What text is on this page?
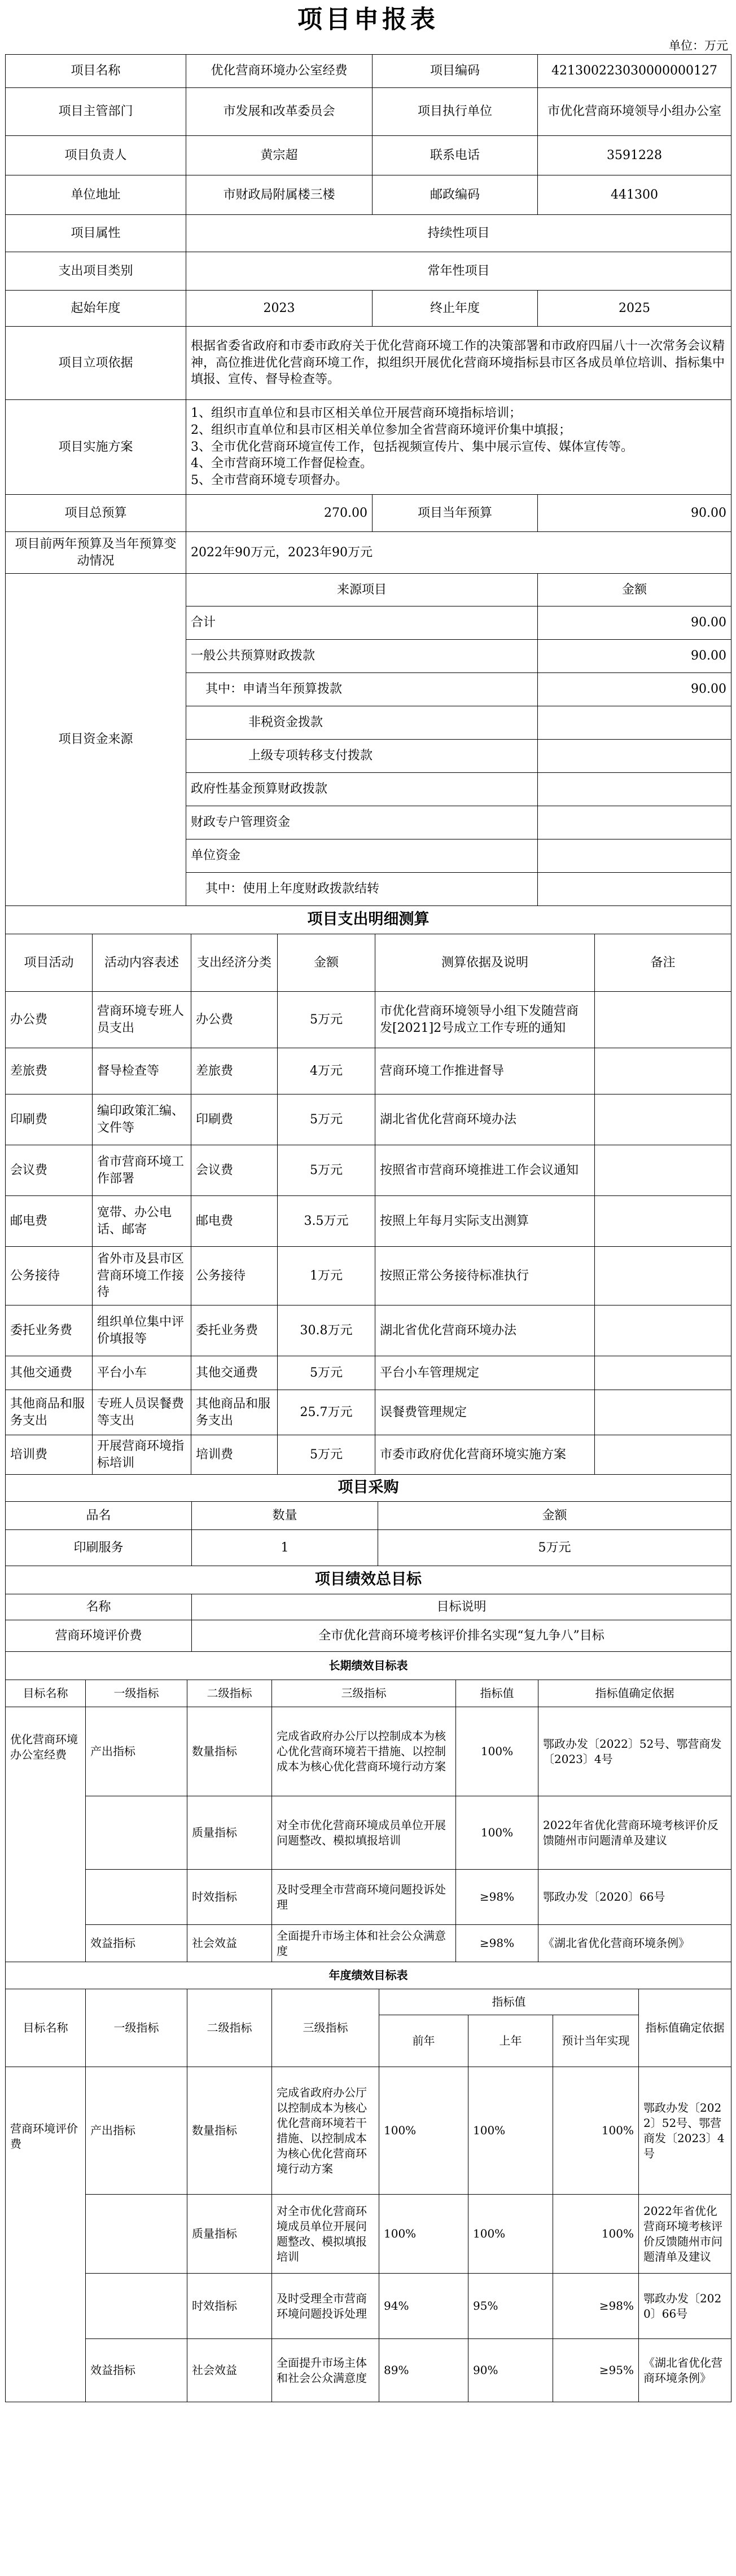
项目申报表
单位：万元
项目名称	优化营商环境办公室经费	项目编码	421300223030000000127
项目主管部门	市发展和改革委员会	项目执行单位	市优化营商环境领导小组办公室
项目负责人	黄宗超	联系电话	3591228
单位地址	市财政局附属楼三楼	邮政编码	441300
项目属性	持续性项目		
支出项目类别	常年性项目		
起始年度	2023	终止年度	2025
项目立项依据	根据省委省政府和市委市政府关于优化营商环境工作的决策部署和市政府四届八十一次常务会议精神，高位推进优化营商环境工作，拟组织开展优化营商环境指标县市区各成员单位培训、指标集中填报、宣传、督导检查等。		
项目实施方案	1、组织市直单位和县市区相关单位开展营商环境指标培训；
2、组织市直单位和县市区相关单位参加全省营商环境评价集中填报；
3、全市优化营商环境宣传工作，包括视频宣传片、集中展示宣传、媒体宣传等。
4、全市营商环境工作督促检查。
5、全市营商环境专项督办。		

项目总预算	270.00	项目当年预算	90.00
项目前两年预算及当年预算变动情况	2022年90万元，2023年90万元		
项目资金来源	来源项目	金额
	合计	90.00
	一般公共预算财政拨款	90.00
	其中：申请当年预算拨款	90.00
	非税资金拨款	
	上级专项转移支付拨款	
	政府性基金预算财政拨款	
	财政专户管理资金	
	单位资金	
	其中：使用上年度财政拨款结转	
项目支出明细测算					
项目活动	活动内容表述	支出经济分类	金额	测算依据及说明	备注
办公费	营商环境专班人员支出	办公费	5万元	市优化营商环境领导小组下发随营商发[2021]2号成立工作专班的通知	
差旅费	督导检查等	差旅费	4万元	营商环境工作推进督导	
印刷费	编印政策汇编、文件等	印刷费	5万元	湖北省优化营商环境办法	
会议费	省市营商环境工作部署	会议费	5万元	按照省市营商环境推进工作会议通知	
邮电费	宽带、办公电话、邮寄	邮电费	3.5万元	按照上年每月实际支出测算	
公务接待	省外市及县市区营商环境工作接待	公务接待	1万元	按照正常公务接待标准执行	
委托业务费	组织单位集中评价填报等	委托业务费	30.8万元	湖北省优化营商环境办法	
其他交通费	平台小车	其他交通费	5万元	平台小车管理规定	
其他商品和服务支出	专班人员误餐费等支出	其他商品和服务支出	25.7万元	误餐费管理规定	
培训费	开展营商环境指标培训	培训费	5万元	市委市政府优化营商环境实施方案	
项目采购		
品名	数量	金额
印刷服务	1	5万元
项目绩效总目标	
名称	目标说明
营商环境评价费	全市优化营商环境考核评价排名实现“复九争八”目标
长期绩效目标表					
目标名称	一级指标	二级指标	三级指标	指标值	指标值确定依据
优化营商环境办公室经费	产出指标	数量指标	完成省政府办公厅以控制成本为核心优化营商环境若干措施、以控制成本为核心优化营商环境行动方案	100%	鄂政办发〔2022〕52号、鄂营商发〔2023〕4号
		质量指标	对全市优化营商环境成员单位开展问题整改、模拟填报培训	100%	2022年省优化营商环境考核评价反馈随州市问题清单及建议
		时效指标	及时受理全市营商环境问题投诉处理	≥98%	鄂政办发〔2020〕66号
	效益指标	社会效益	全面提升市场主体和社会公众满意度	≥98%	《湖北省优化营商环境条例》
年度绩效目标表							
目标名称	一级指标	二级指标	三级指标	指标值			指标值确定依据
				前年	上年	预计当年实现	
营商环境评价费	产出指标	数量指标	完成省政府办公厅以控制成本为核心优化营商环境若干措施、以控制成本为核心优化营商环境行动方案	100%	100%	100%	鄂政办发〔2022〕52号、鄂营商发〔2023〕4号
		质量指标	对全市优化营商环境成员单位开展问题整改、模拟填报培训	100%	100%	100%	2022年省优化营商环境考核评价反馈随州市问题清单及建议
		时效指标	及时受理全市营商环境问题投诉处理	94%	95%	≥98%	鄂政办发〔2020〕66号
	效益指标	社会效益	全面提升市场主体和社会公众满意度	89%	90%	≥95%	《湖北省优化营商环境条例》
